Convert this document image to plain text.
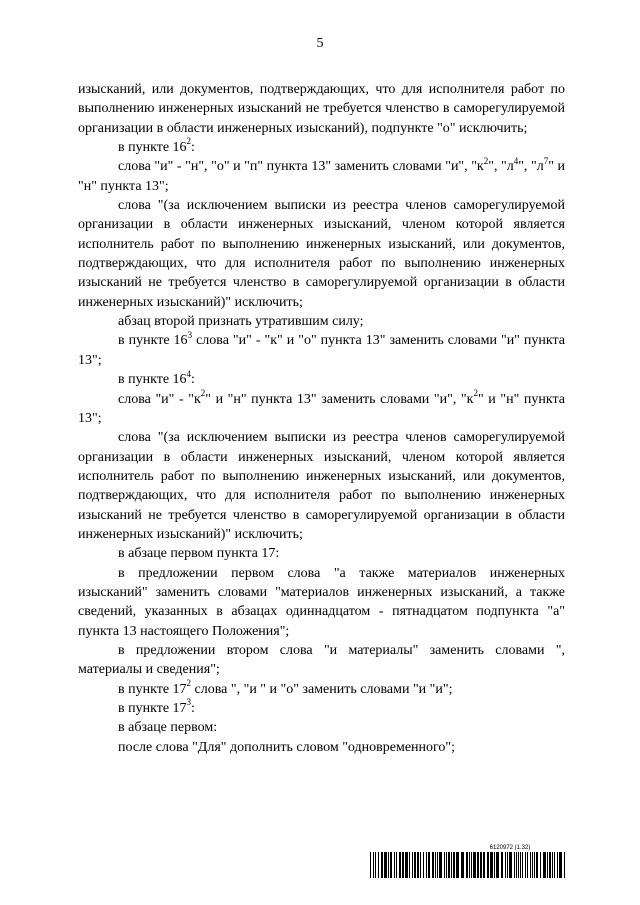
5

изысканий, или документов, подтверждающих, что для исполнителя работ по выполнению инженерных изысканий не требуется членство в саморегулируемой организации в области инженерных изысканий), подпункте "о" исключить;

в пункте $16^2$:

слова "и" - "н", "о" и "п" пункта 13" заменить словами "и", "$к^2$", "$л^4$", "$л^7$" и "н" пункта 13";

слова "(за исключением выписки из реестра членов саморегулируемой организации в области инженерных изысканий, членом которой является исполнитель работ по выполнению инженерных изысканий, или документов, подтверждающих, что для исполнителя работ по выполнению инженерных изысканий не требуется членство в саморегулируемой организации в области инженерных изысканий)" исключить;

абзац второй признать утратившим силу;

в пункте $16^3$ слова "и" - "к" и "о" пункта 13" заменить словами "и" пункта 13";

в пункте $16^4$:

слова "и" - "$к^2$" и "н" пункта 13" заменить словами "и", "$к^2$" и "н" пункта 13";

слова "(за исключением выписки из реестра членов саморегулируемой организации в области инженерных изысканий, членом которой является исполнитель работ по выполнению инженерных изысканий, или документов, подтверждающих, что для исполнителя работ по выполнению инженерных изысканий не требуется членство в саморегулируемой организации в области инженерных изысканий)" исключить;

в абзаце первом пункта 17:

в предложении первом слова "а также материалов инженерных изысканий" заменить словами "материалов инженерных изысканий, а также сведений, указанных в абзацах одиннадцатом - пятнадцатом подпункта "а" пункта 13 настоящего Положения";

в предложении втором слова "и материалы" заменить словами ", материалы и сведения";

в пункте $17^2$ слова ", "и " и "о" заменить словами "и "и";

в пункте $17^3$:

в абзаце первом:

после слова "Для" дополнить словом "одновременного";

6120972 (1.32)
